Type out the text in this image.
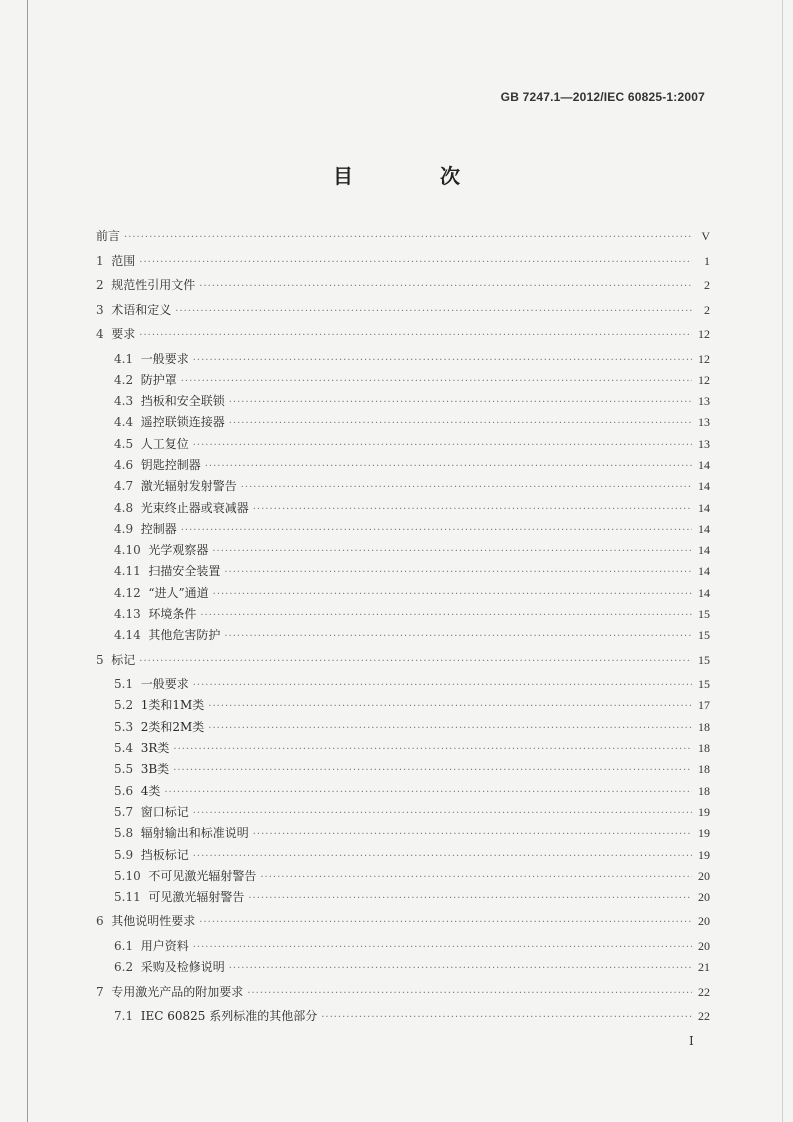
GB 7247.1—2012/IEC 60825-1:2007
目 次
前言 ·····	V
1 范围 ·····	1
2 规范性引用文件 ·····	2
3 术语和定义 ·····	2
4 要求 ·····	12
4.1 一般要求 ·····	12
4.2 防护罩 ·····	12
4.3 挡板和安全联锁 ·····	13
4.4 遥控联锁连接器 ·····	13
4.5 人工复位 ·····	13
4.6 钥匙控制器 ·····	14
4.7 激光辐射发射警告 ·····	14
4.8 光束终止器或衰减器 ·····	14
4.9 控制器 ·····	14
4.10 光学观察器 ·····	14
4.11 扫描安全装置 ·····	14
4.12 “进人”通道 ·····	14
4.13 环境条件 ·····	15
4.14 其他危害防护 ·····	15
5 标记 ·····	15
5.1 一般要求 ·····	15
5.2 1类和1M类 ·····	17
5.3 2类和2M类 ·····	18
5.4 3R类 ·····	18
5.5 3B类 ·····	18
5.6 4类 ·····	18
5.7 窗口标记 ·····	19
5.8 辐射输出和标准说明 ·····	19
5.9 挡板标记 ·····	19
5.10 不可见激光辐射警告 ·····	20
5.11 可见激光辐射警告 ·····	20
6 其他说明性要求 ·····	20
6.1 用户资料 ·····	20
6.2 采购及检修说明 ·····	21
7 专用激光产品的附加要求 ·····	22
7.1 IEC 60825 系列标准的其他部分 ·····	22
I
